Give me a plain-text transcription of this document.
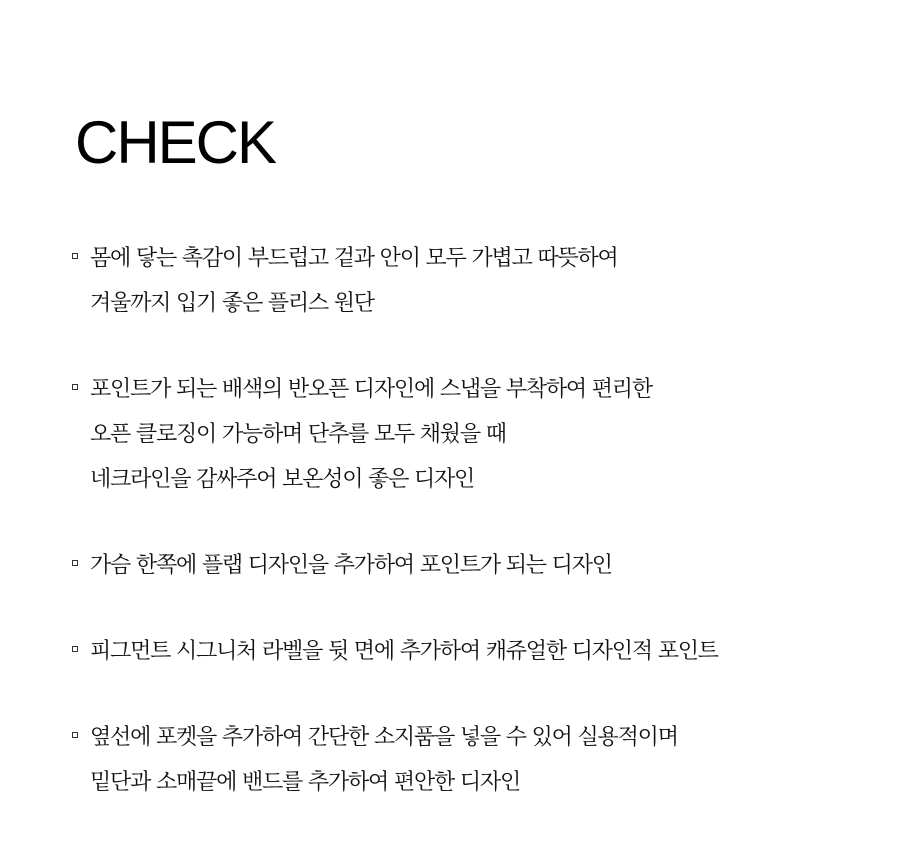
CHECK
몸에 닿는 촉감이 부드럽고 겉과 안이 모두 가볍고 따뜻하여
겨울까지 입기 좋은 플리스 원단
포인트가 되는 배색의 반오픈 디자인에 스냅을 부착하여 편리한
오픈 클로징이 가능하며 단추를 모두 채웠을 때
네크라인을 감싸주어 보온성이 좋은 디자인
가슴 한쪽에 플랩 디자인을 추가하여 포인트가 되는 디자인
피그먼트 시그니처 라벨을 뒷 면에 추가하여 캐쥬얼한 디자인적 포인트
옆선에 포켓을 추가하여 간단한 소지품을 넣을 수 있어 실용적이며
밑단과 소매끝에 밴드를 추가하여 편안한 디자인
